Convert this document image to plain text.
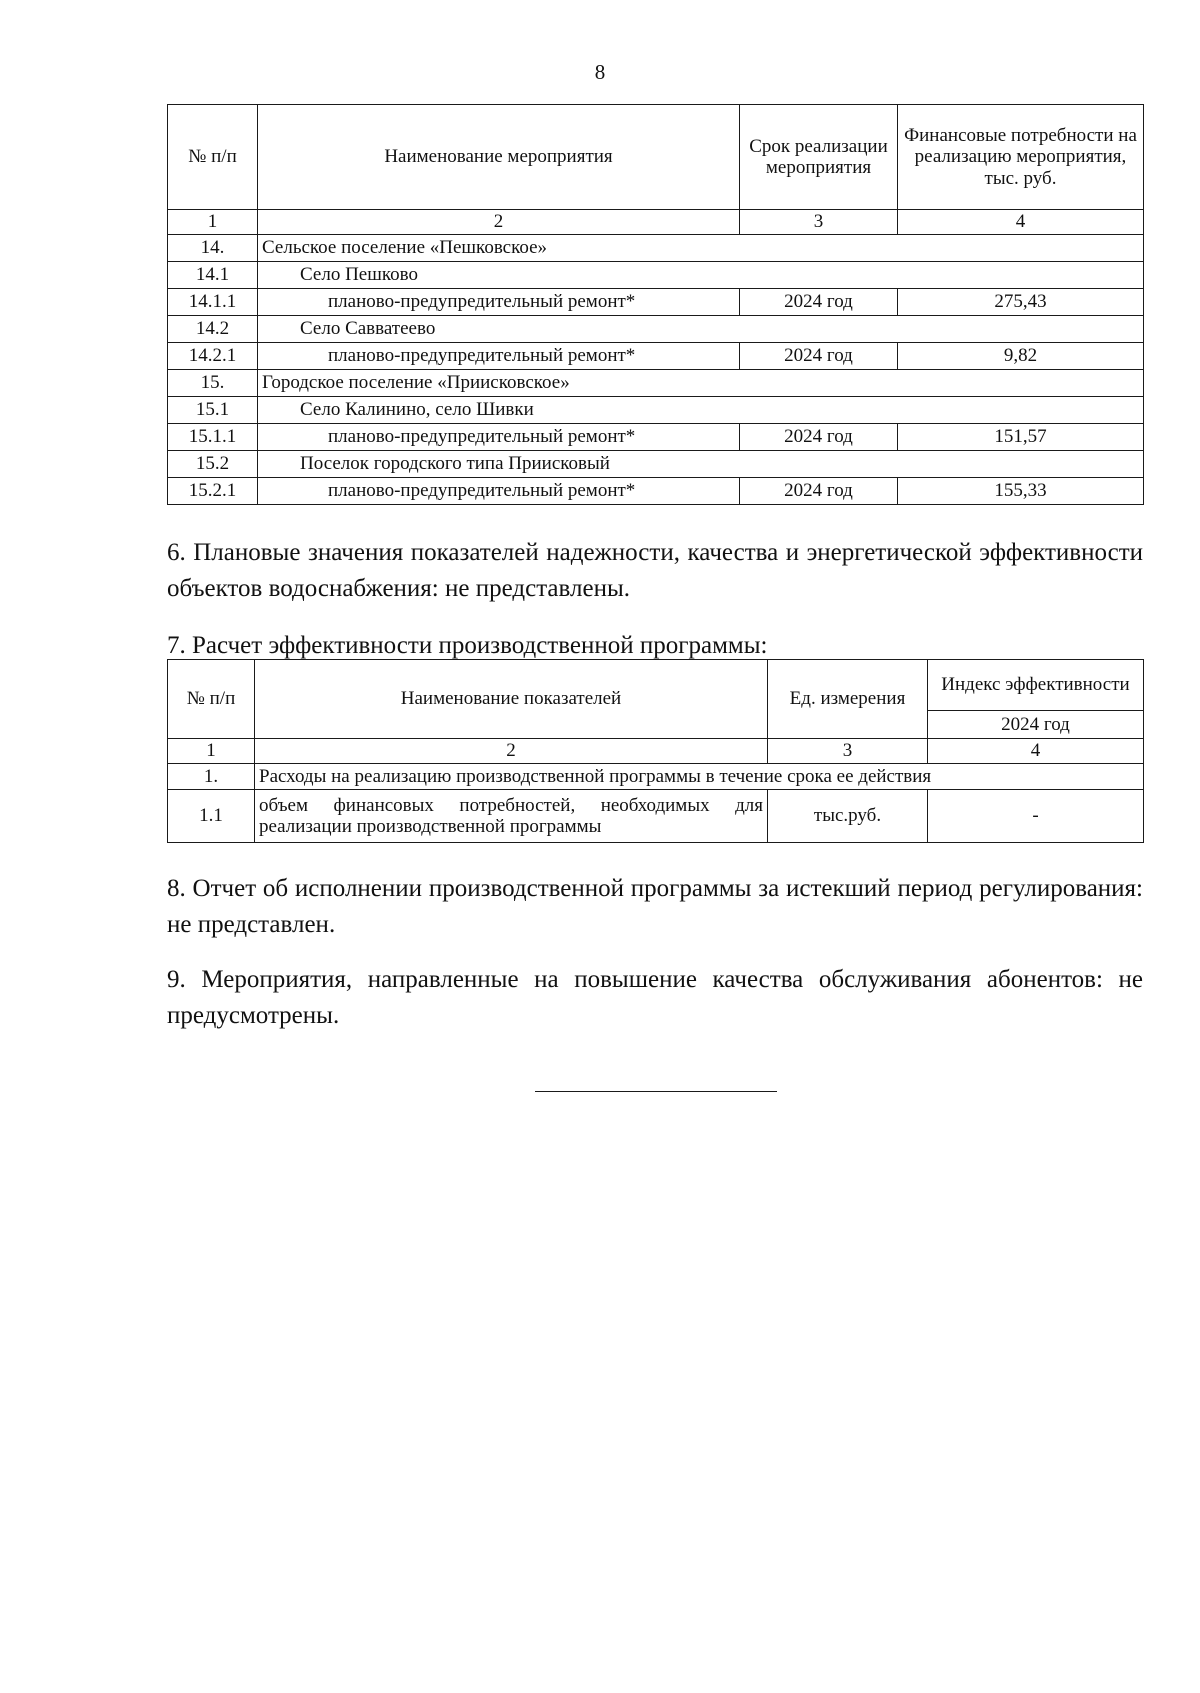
8
№ п/п	Наименование мероприятия	Срок реализации мероприятия	Финансовые потребности на реализацию мероприятия, тыс. руб.
1	2	3	4
14.	Сельское поселение «Пешковское»		
14.1	Село Пешково		
14.1.1	планово-предупредительный ремонт*	2024 год	275,43
14.2	Село Савватеево		
14.2.1	планово-предупредительный ремонт*	2024 год	9,82
15.	Городское поселение «Приисковское»		
15.1	Село Калинино, село Шивки		
15.1.1	планово-предупредительный ремонт*	2024 год	151,57
15.2	Поселок городского типа Приисковый		
15.2.1	планово-предупредительный ремонт*	2024 год	155,33
6. Плановые значения показателей надежности, качества и энергетической эффективности объектов водоснабжения: не представлены.
7. Расчет эффективности производственной программы:
№ п/п	Наименование показателей	Ед. измерения	Индекс эффективности
			2024 год
1	2	3	4
1.	Расходы на реализацию производственной программы в течение срока ее действия		
1.1	объем финансовых потребностей, необходимых для реализации производственной программы	тыс.руб.	-
8. Отчет об исполнении производственной программы за истекший период регулирования: не представлен.
9. Мероприятия, направленные на повышение качества обслуживания абонентов: не предусмотрены.
